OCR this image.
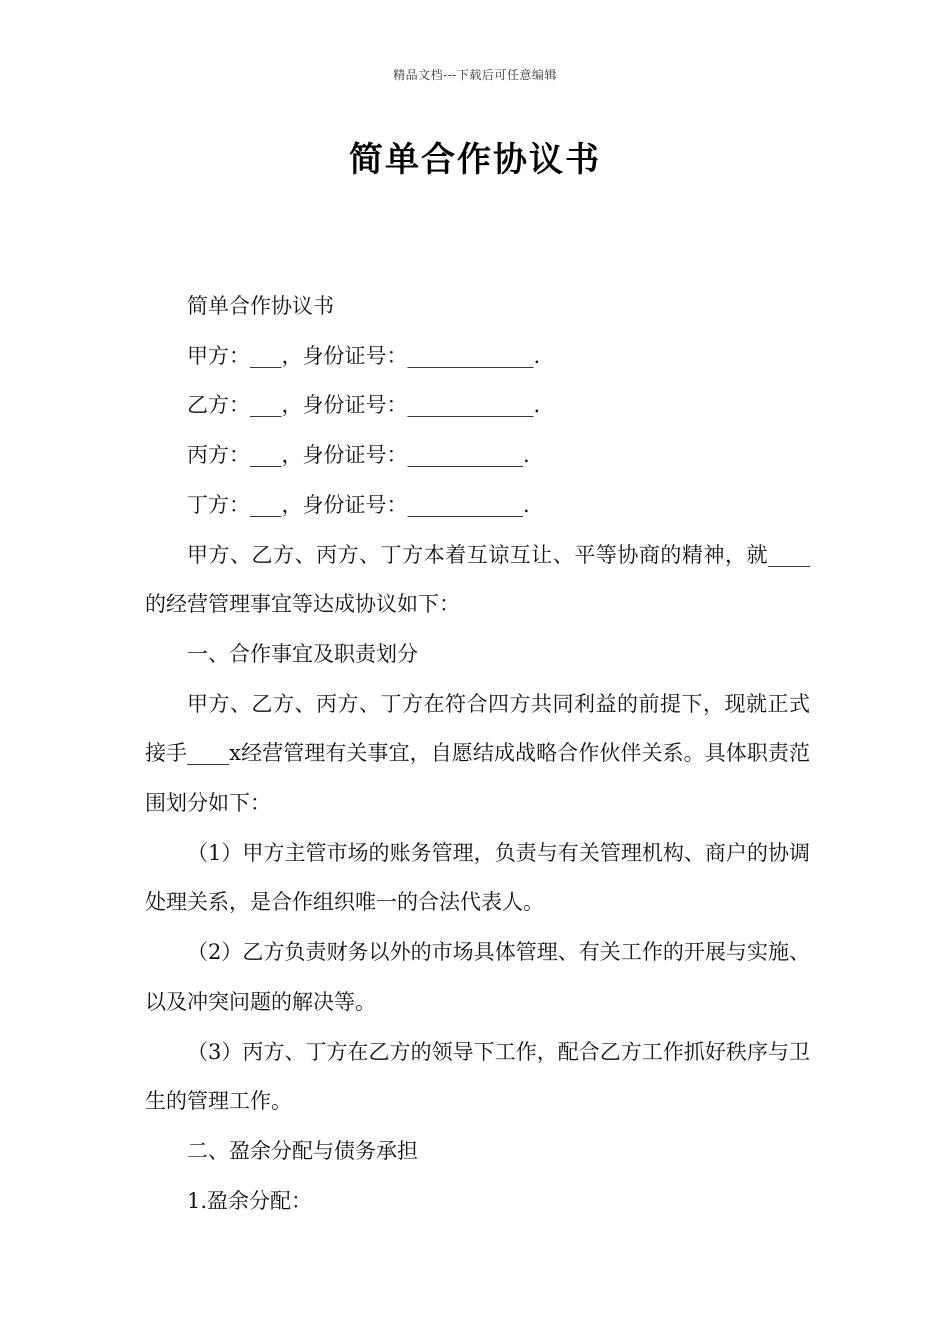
精品文档---下载后可任意编辑
简单合作协议书

简单合作协议书

甲方：___，身份证号：____________.

乙方：___，身份证号：____________.

丙方：___，身份证号：___________.

丁方：___，身份证号：___________.

甲方、乙方、丙方、丁方本着互谅互让、平等协商的精神，就____的经营管理事宜等达成协议如下：

一、合作事宜及职责划分

甲方、乙方、丙方、丁方在符合四方共同利益的前提下，现就正式接手____x经营管理有关事宜，自愿结成战略合作伙伴关系。具体职责范围划分如下：

（1）甲方主管市场的账务管理，负责与有关管理机构、商户的协调处理关系，是合作组织唯一的合法代表人。

（2）乙方负责财务以外的市场具体管理、有关工作的开展与实施、以及冲突问题的解决等。

（3）丙方、丁方在乙方的领导下工作，配合乙方工作抓好秩序与卫生的管理工作。

二、盈余分配与债务承担

1.盈余分配：
